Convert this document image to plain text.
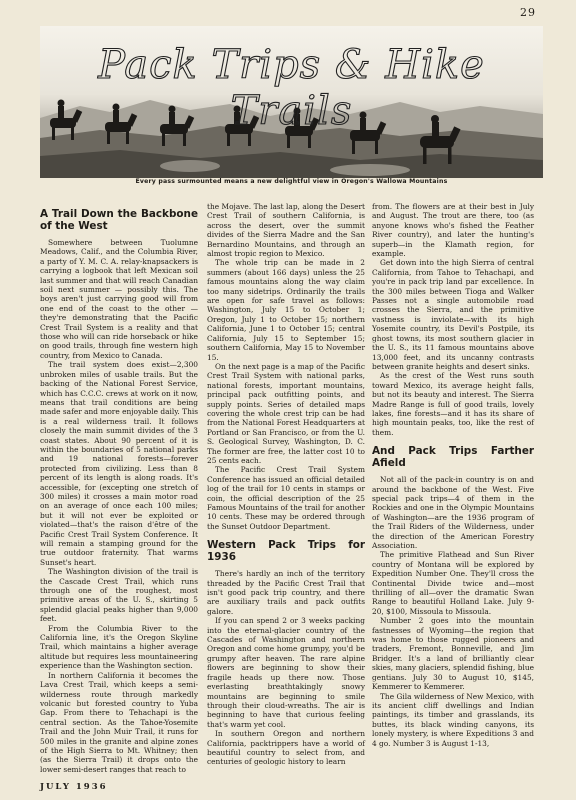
29
Pack Trips & Hike Trails
Every pass surmounted means a new delightful view in Oregon's Wallowa Mountains
A Trail Down the Backbone of the West

Somewhere between Tuolumne Meadows, Calif., and the Columbia River, a party of Y. M. C. A. relay-knapsackers is carrying a logbook that left Mexican soil last summer and that will reach Canadian soil next summer — possibly this. The boys aren't just carrying good will from one end of the coast to the other — they're demonstrating that the Pacific Crest Trail System is a reality and that those who will can ride horseback or hike on good trails, through fine western high country, from Mexico to Canada.

The trail system does exist—2,300 unbroken miles of usable trails. But the backing of the National Forest Service, which has C.C.C. crews at work on it now, means that trail conditions are being made safer and more enjoyable daily. This is a real wilderness trail. It follows closely the main summit divides of the 3 coast states. About 90 percent of it is within the boundaries of 5 national parks and 19 national forests—forever protected from civilizing. Less than 8 percent of its length is along roads. It's accessible, for (excepting one stretch of 300 miles) it crosses a main motor road on an average of once each 100 miles; but it will not ever be exploited or violated—that's the raison d'être of the Pacific Crest Trail System Conference. It will remain a stamping ground for the true outdoor fraternity. That warms Sunset's heart.

The Washington division of the trail is the Cascade Crest Trail, which runs through one of the roughest, most primitive areas of the U. S., skirting 5 splendid glacial peaks higher than 9,000 feet.

From the Columbia River to the California line, it's the Oregon Skyline Trail, which maintains a higher average altitude but requires less mountaineering experience than the Washington section.

In northern California it becomes the Lava Crest Trail, which keeps a semi-wilderness route through markedly volcanic but forested country to Yuba Gap. From there to Tehachapi is the central section. As the Tahoe-Yosemite Trail and the John Muir Trail, it runs for 500 miles in the granite and alpine zones of the High Sierra to Mt. Whitney; then (as the Sierra Trail) it drops onto the lower semi-desert ranges that reach to

the Mojave. The last lap, along the Desert Crest Trail of southern California, is across the desert, over the summit divides of the Sierra Madre and the San Bernardino Mountains, and through an almost tropic region to Mexico.

The whole trip can be made in 2 summers (about 166 days) unless the 25 famous mountains along the way claim too many sidetrips. Ordinarily the trails are open for safe travel as follows: Washington, July 15 to October 1; Oregon, July 1 to October 15; northern California, June 1 to October 15; central California, July 15 to September 15; southern California, May 15 to November 15.

On the next page is a map of the Pacific Crest Trail System with national parks, national forests, important mountains, principal pack outfitting points, and supply points. Series of detailed maps covering the whole crest trip can be had from the National Forest Headquarters at Portland or San Francisco, or from the U. S. Geological Survey, Washington, D. C. The former are free, the latter cost 10 to 25 cents each.

The Pacific Crest Trail System Conference has issued an official detailed log of the trail for 10 cents in stamps or coin, the official description of the 25 Famous Mountains of the trail for another 10 cents. These may be ordered through the Sunset Outdoor Department.

Western Pack Trips for 1936

There's hardly an inch of the territory threaded by the Pacific Crest Trail that isn't good pack trip country, and there are auxiliary trails and pack outfits galore.

If you can spend 2 or 3 weeks packing into the eternal-glacier country of the Cascades of Washington and northern Oregon and come home grumpy, you'd be grumpy after heaven. The rare alpine flowers are beginning to show their fragile heads up there now. Those everlasting breathtakingly snowy mountains are beginning to smile through their cloud-wreaths. The air is beginning to have that curious feeling that's warm yet cool.

In southern Oregon and northern California, packtrippers have a world of beautiful country to select from, and centuries of geologic history to learn

from. The flowers are at their best in July and August. The trout are there, too (as anyone knows who's fished the Feather River country), and later the hunting's superb—in the Klamath region, for example.

Get down into the high Sierra of central California, from Tahoe to Tehachapi, and you're in pack trip land par excellence. In the 300 miles between Tioga and Walker Passes not a single automobile road crosses the Sierra, and the primitive vastness is inviolate—with its high Yosemite country, its Devil's Postpile, its ghost towns, its most southern glacier in the U. S., its 11 famous mountains above 13,000 feet, and its uncanny contrasts between granite heights and desert sinks.

As the crest of the West runs south toward Mexico, its average height falls, but not its beauty and interest. The Sierra Madre Range is full of good trails, lovely lakes, fine forests—and it has its share of high mountain peaks, too, like the rest of them.

And Pack Trips Farther Afield

Not all of the pack-in country is on and around the backbone of the West. Five special pack trips—4 of them in the Rockies and one in the Olympic Mountains of Washington—are the 1936 program of the Trail Riders of the Wilderness, under the direction of the American Forestry Association.

The primitive Flathead and Sun River country of Montana will be explored by Expedition Number One. They'll cross the Continental Divide twice and—most thrilling of all—over the dramatic Swan Range to beautiful Holland Lake. July 9-20, $100, Missoula to Missoula.

Number 2 goes into the mountain fastnesses of Wyoming—the region that was home to those rugged pioneers and traders, Fremont, Bonneville, and Jim Bridger. It's a land of brilliantly clear skies, many glaciers, splendid fishing, blue gentians. July 30 to August 10, $145, Kemmerer to Kemmerer.

The Gila wilderness of New Mexico, with its ancient cliff dwellings and Indian paintings, its timber and grasslands, its buttes, its black winding canyons, its lonely mystery, is where Expeditions 3 and 4 go. Number 3 is August 1-13,

JULY 1936
